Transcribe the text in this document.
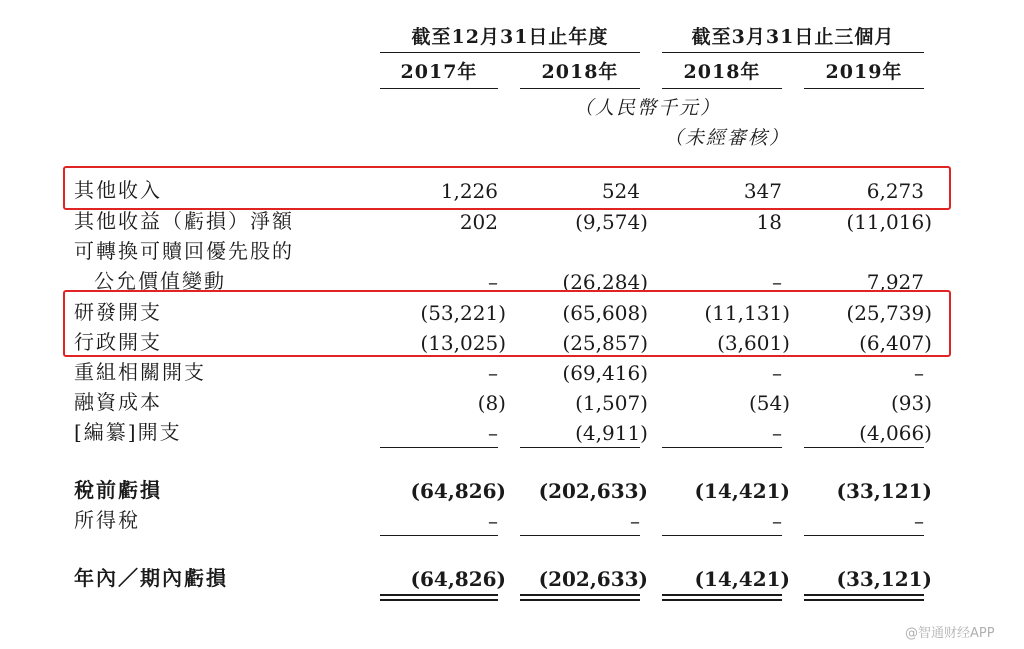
截至12月31日止年度	截至3月31日止三個月
2017年	2018年	2018年	2019年
（人民幣千元）
（未經審核）
其他收入	1,226	524	347	6,273
其他收益（虧損）淨額	202	(9,574)	18	(11,016)
可轉換可贖回優先股的
公允價值變動	–	(26,284)	–	7,927
研發開支	(53,221)	(65,608)	(11,131)	(25,739)
行政開支	(13,025)	(25,857)	(3,601)	(6,407)
重組相關開支	–	(69,416)	–	–
融資成本	(8)	(1,507)	(54)	(93)
[編纂]開支	–	(4,911)	–	(4,066)
稅前虧損	(64,826)	(202,633)	(14,421)	(33,121)
所得稅	–	–	–	–
年內／期內虧損	(64,826)	(202,633)	(14,421)	(33,121)
@智通财经APP
